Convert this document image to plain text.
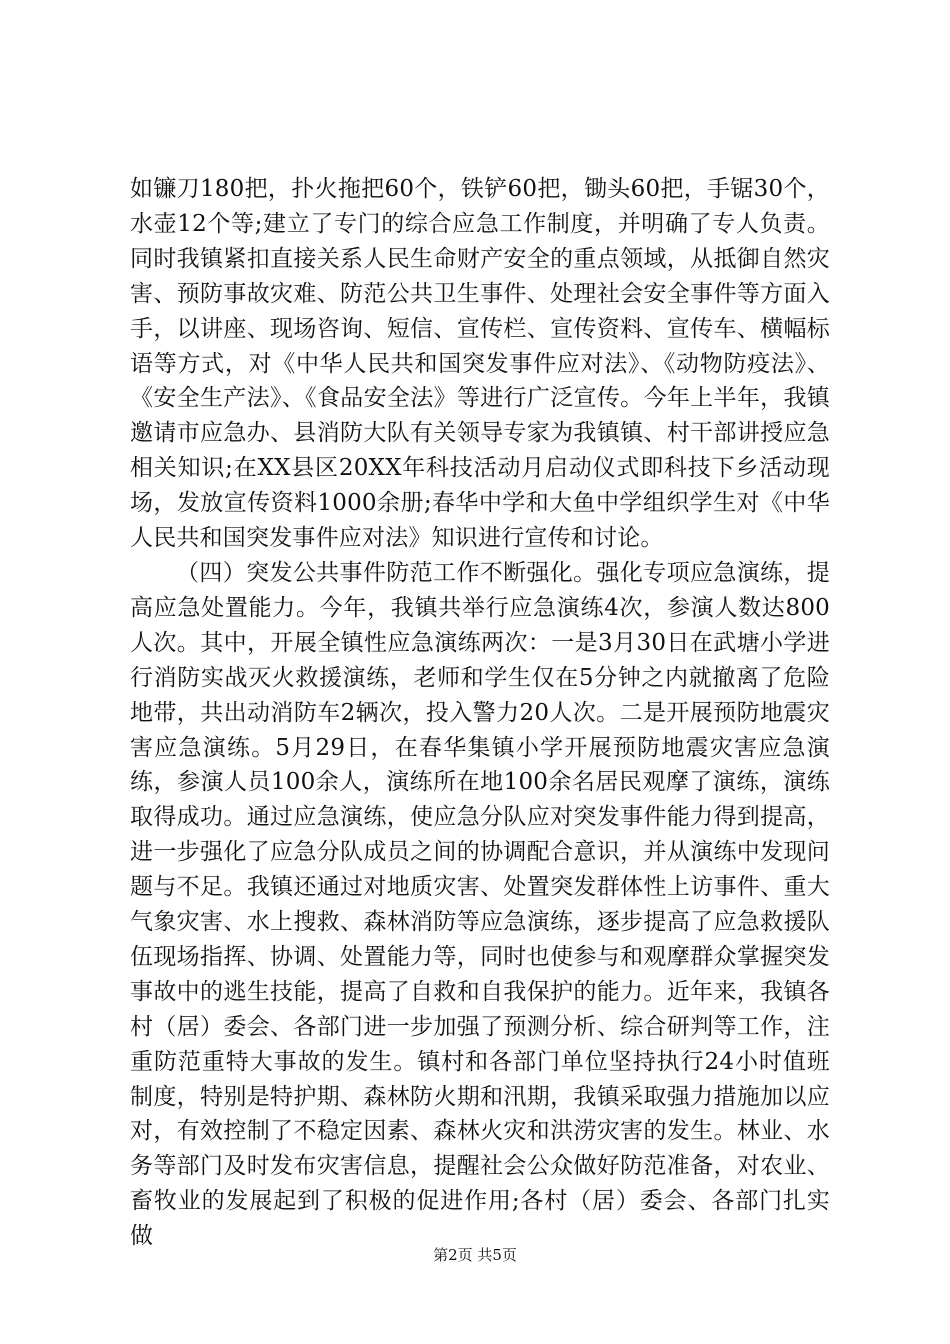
如镰刀180把，扑火拖把60个，铁铲60把，锄头60把，手锯30个，水壶12个等;建立了专门的综合应急工作制度，并明确了专人负责。同时我镇紧扣直接关系人民生命财产安全的重点领域，从抵御自然灾害、预防事故灾难、防范公共卫生事件、处理社会安全事件等方面入手，以讲座、现场咨询、短信、宣传栏、宣传资料、宣传车、横幅标语等方式，对《中华人民共和国突发事件应对法》、《动物防疫法》、《安全生产法》、《食品安全法》等进行广泛宣传。今年上半年，我镇邀请市应急办、县消防大队有关领导专家为我镇镇、村干部讲授应急相关知识;在XX县区20XX年科技活动月启动仪式即科技下乡活动现场，发放宣传资料1000余册;春华中学和大鱼中学组织学生对《中华人民共和国突发事件应对法》知识进行宣传和讨论。

（四）突发公共事件防范工作不断强化。强化专项应急演练，提高应急处置能力。今年，我镇共举行应急演练4次，参演人数达800人次。其中，开展全镇性应急演练两次：一是3月30日在武塘小学进行消防实战灭火救援演练，老师和学生仅在5分钟之内就撤离了危险地带，共出动消防车2辆次，投入警力20人次。二是开展预防地震灾害应急演练。5月29日，在春华集镇小学开展预防地震灾害应急演练，参演人员100余人，演练所在地100余名居民观摩了演练，演练取得成功。通过应急演练，使应急分队应对突发事件能力得到提高，进一步强化了应急分队成员之间的协调配合意识，并从演练中发现问题与不足。我镇还通过对地质灾害、处置突发群体性上访事件、重大气象灾害、水上搜救、森林消防等应急演练，逐步提高了应急救援队伍现场指挥、协调、处置能力等，同时也使参与和观摩群众掌握突发事故中的逃生技能，提高了自救和自我保护的能力。近年来，我镇各村（居）委会、各部门进一步加强了预测分析、综合研判等工作，注重防范重特大事故的发生。镇村和各部门单位坚持执行24小时值班制度，特别是特护期、森林防火期和汛期，我镇采取强力措施加以应对，有效控制了不稳定因素、森林火灾和洪涝灾害的发生。林业、水务等部门及时发布灾害信息，提醒社会公众做好防范准备，对农业、畜牧业的发展起到了积极的促进作用;各村（居）委会、各部门扎实做

第2页 共5页
